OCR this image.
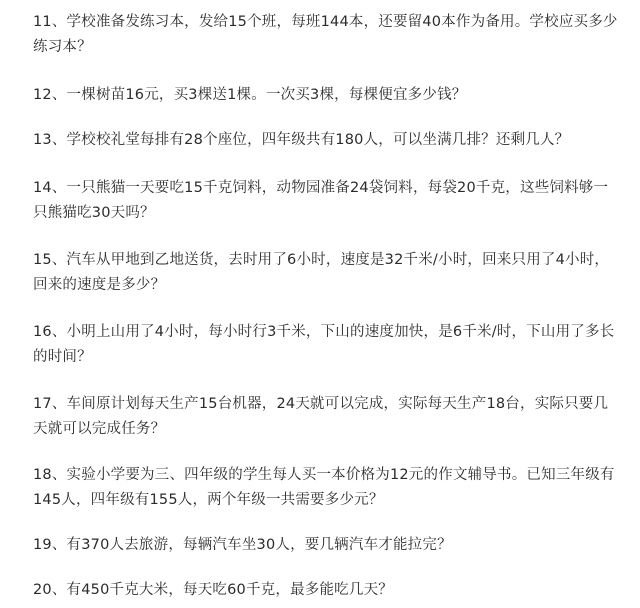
11、学校准备发练习本，发给15个班，每班144本，还要留40本作为备用。学校应买多少练习本？
12、一棵树苗16元，买3棵送1棵。一次买3棵，每棵便宜多少钱？
13、学校校礼堂每排有28个座位，四年级共有180人，可以坐满几排？还剩几人？
14、一只熊猫一天要吃15千克饲料，动物园准备24袋饲料，每袋20千克，这些饲料够一只熊猫吃30天吗？
15、汽车从甲地到乙地送货，去时用了6小时，速度是32千米/小时，回来只用了4小时，回来的速度是多少？
16、小明上山用了4小时，每小时行3千米，下山的速度加快，是6千米/时，下山用了多长的时间？
17、车间原计划每天生产15台机器，24天就可以完成，实际每天生产18台，实际只要几天就可以完成任务？
18、实验小学要为三、四年级的学生每人买一本价格为12元的作文辅导书。已知三年级有145人，四年级有155人，两个年级一共需要多少元？
19、有370人去旅游，每辆汽车坐30人，要几辆汽车才能拉完？
20、有450千克大米，每天吃60千克，最多能吃几天？
